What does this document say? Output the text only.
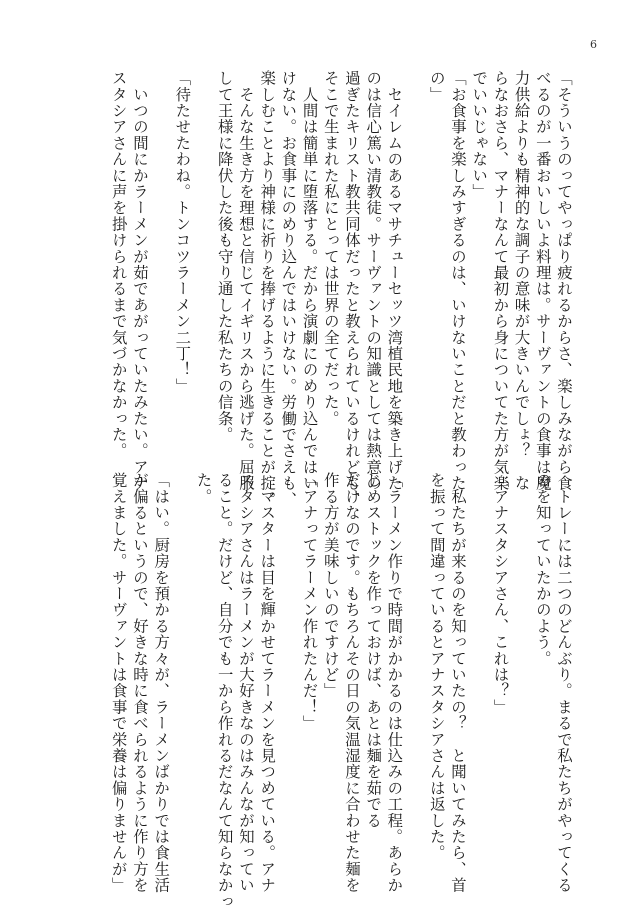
6

「そういうのってやっぱり疲れるからさ、楽しみながら食

べるのが一番おいしいよ料理は。サーヴァントの食事は魔

力供給よりも精神的な調子の意味が大きいんでしょ？　な

らなおさら、マナーなんて最初から身についてた方が気楽

でいいじゃない」

「お食事を楽しみすぎるのは、いけないことだと教わった

の」

　セイレムのあるマサチューセッツ湾植民地を築き上げた

のは信心篤い清教徒。サーヴァントの知識としては熱意の

過ぎたキリスト教共同体だったと教えられているけれども、

そこで生まれた私にとっては世界の全てだった。

　人間は簡単に堕落する。だから演劇にのめり込んではい

けない。お食事にのめり込んではいけない。労働でさえも、

楽しむことより神様に祈りを捧げるように生きることが掟。

　そんな生き方を理想と信じてイギリスから逃げた。屈服

して王様に降伏した後も守り通した私たちの信条。

「待たせたわね。トンコツラーメン二丁！」

　いつの間にかラーメンが茹であがっていたみたい。アナ

スタシアさんに声を掛けられるまで気づかなかった。

　トレーには二つのどんぶり。まるで私たちがやってくる

のを知っていたかのよう。

「アナスタシアさん、これは？」

　私たちが来るのを知っていたの？　と聞いてみたら、首

を振って間違っているとアナスタシアさんは返した。

「ラーメン作りで時間がかかるのは仕込みの工程。あらか

じめストックを作っておけば、あとは麺を茹でる

だけなのです。もちろんその日の気温湿度に合わせた麺を

作る方が美味しいのですけど」

「アナってラーメン作れたんだ！」

　マスターは目を輝かせてラーメンを見つめている。アナ

スタシアさんはラーメンが大好きなのはみんなが知ってい

ること。だけど、自分でも一から作れるだなんて知らなかっ

た。

「はい。厨房を預かる方々が、ラーメンばかりでは食生活

が偏るというので、好きな時に食べられるように作り方を

覚えました。サーヴァントは食事で栄養は偏りませんが」
